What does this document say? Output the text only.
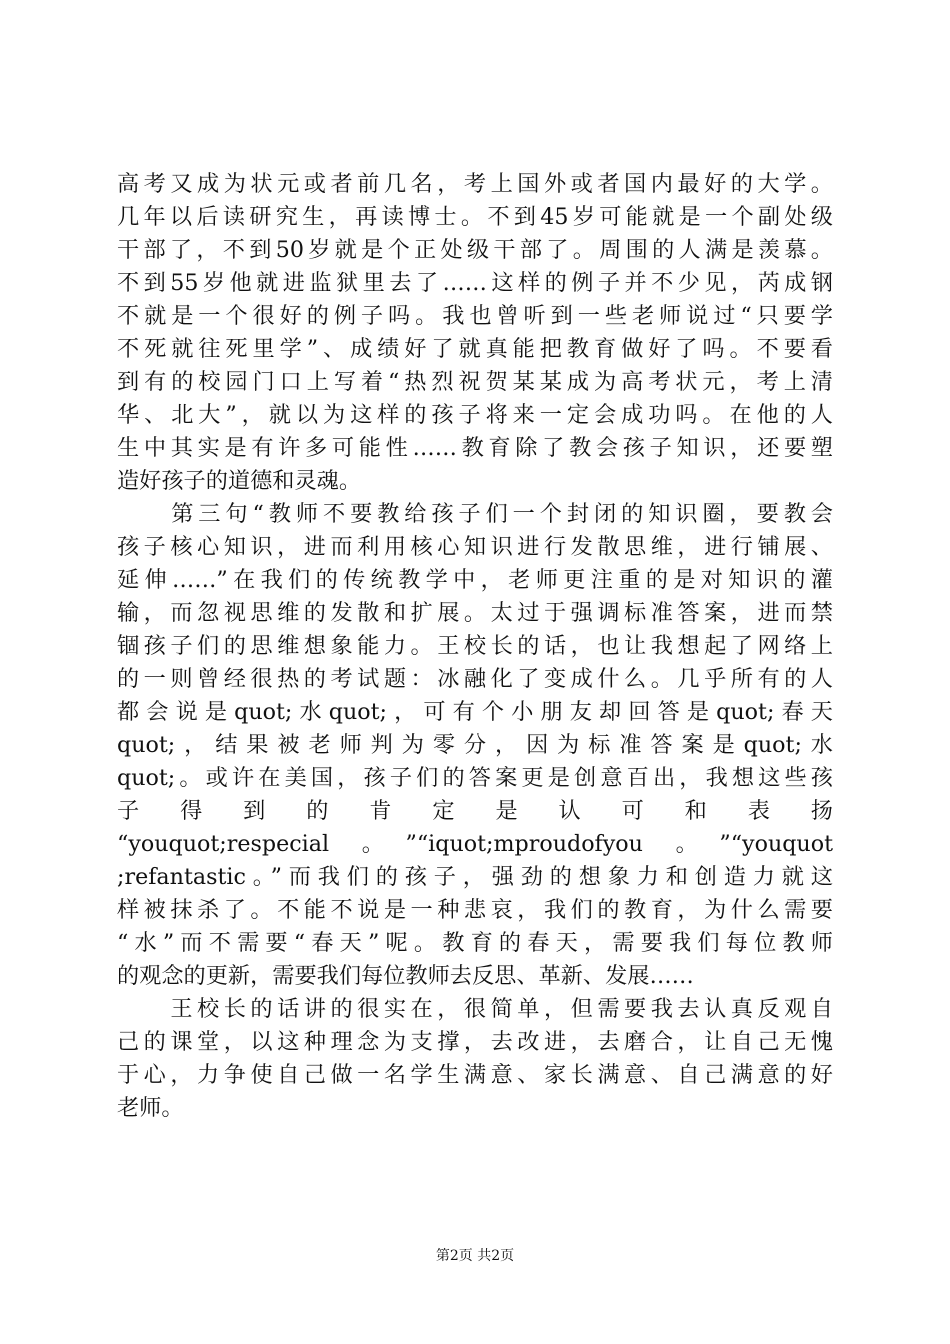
高考又成为状元或者前几名，考上国外或者国内最好的大学。
几年以后读研究生，再读博士。不到45岁可能就是一个副处级
干部了，不到50岁就是个正处级干部了。周围的人满是羡慕。
不到55岁他就进监狱里去了……这样的例子并不少见，芮成钢
不就是一个很好的例子吗。我也曾听到一些老师说过“只要学
不死就往死里学”、成绩好了就真能把教育做好了吗。不要看
到有的校园门口上写着“热烈祝贺某某成为高考状元，考上清
华、北大”，就以为这样的孩子将来一定会成功吗。在他的人
生中其实是有许多可能性……教育除了教会孩子知识，还要塑
造好孩子的道德和灵魂。
　　第三句“教师不要教给孩子们一个封闭的知识圈，要教会
孩子核心知识，进而利用核心知识进行发散思维，进行铺展、
延伸……”在我们的传统教学中，老师更注重的是对知识的灌
输，而忽视思维的发散和扩展。太过于强调标准答案，进而禁
锢孩子们的思维想象能力。王校长的话，也让我想起了网络上
的一则曾经很热的考试题：冰融化了变成什么。几乎所有的人
都会说是quot;水quot;，可有个小朋友却回答是quot;春天
quot;，结果被老师判为零分，因为标准答案是quot;水
quot;。或许在美国，孩子们的答案更是创意百出，我想这些孩
子　得　到　的　肯　定　是　认　可　和　表　扬
“youquot;respecial。”“iquot;mproudofyou。”“youquot
;refantastic。”而我们的孩子，强劲的想象力和创造力就这
样被抹杀了。不能不说是一种悲哀，我们的教育，为什么需要
“水”而不需要“春天”呢。教育的春天，需要我们每位教师
的观念的更新，需要我们每位教师去反思、革新、发展……
　　王校长的话讲的很实在，很简单，但需要我去认真反观自
己的课堂，以这种理念为支撑，去改进，去磨合，让自己无愧
于心，力争使自己做一名学生满意、家长满意、自己满意的好
老师。
第2页 共2页
